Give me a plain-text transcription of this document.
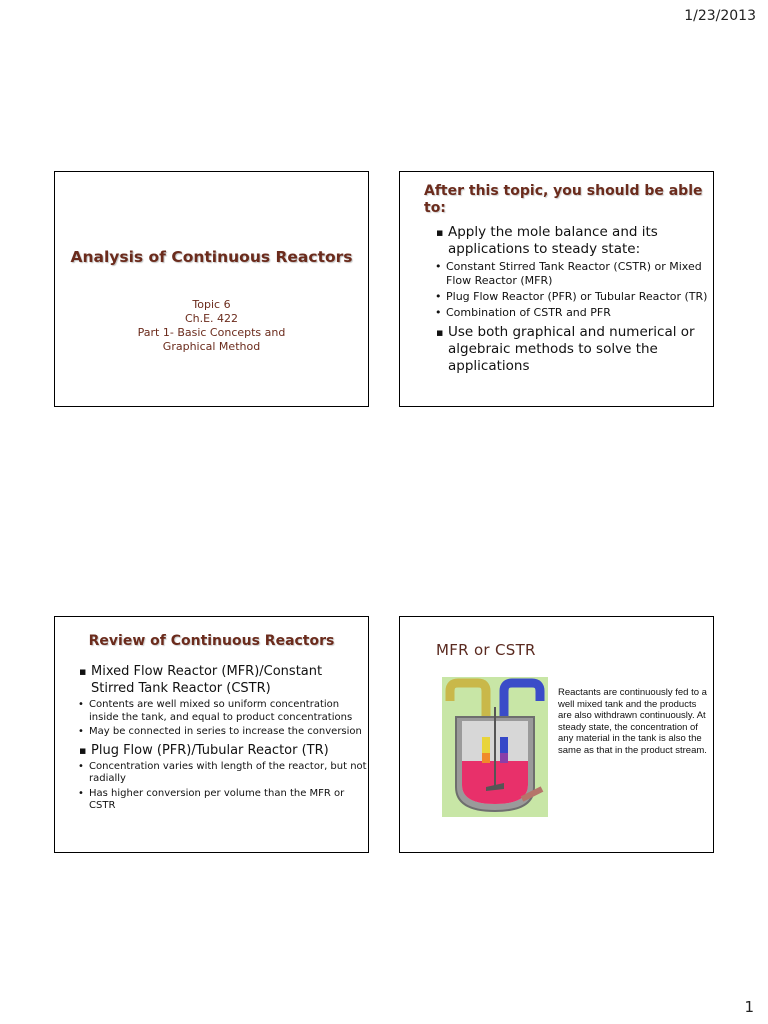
1/23/2013
Analysis of Continuous Reactors
Topic 6
Ch.E. 422
Part 1- Basic Concepts and
Graphical Method
After this topic, you should be able to:
▪ Apply the mole balance and its applications to steady state:
• Constant Stirred Tank Reactor (CSTR) or Mixed Flow Reactor (MFR)
• Plug Flow Reactor (PFR) or Tubular Reactor (TR)
• Combination of CSTR and PFR
▪ Use both graphical and numerical or algebraic methods to solve the applications
Review of Continuous Reactors
▪ Mixed Flow Reactor (MFR)/Constant Stirred Tank Reactor (CSTR)
• Contents are well mixed so uniform concentration inside the tank, and equal to product concentrations
• May be connected in series to increase the conversion
▪ Plug Flow (PFR)/Tubular Reactor (TR)
• Concentration varies with length of the reactor, but not radially
• Has higher conversion per volume than the MFR or CSTR
MFR or CSTR
Reactants are continuously fed to a well mixed tank and the products are also withdrawn continuously. At steady state, the concentration of any material in the tank is also the same as that in the product stream.
1
